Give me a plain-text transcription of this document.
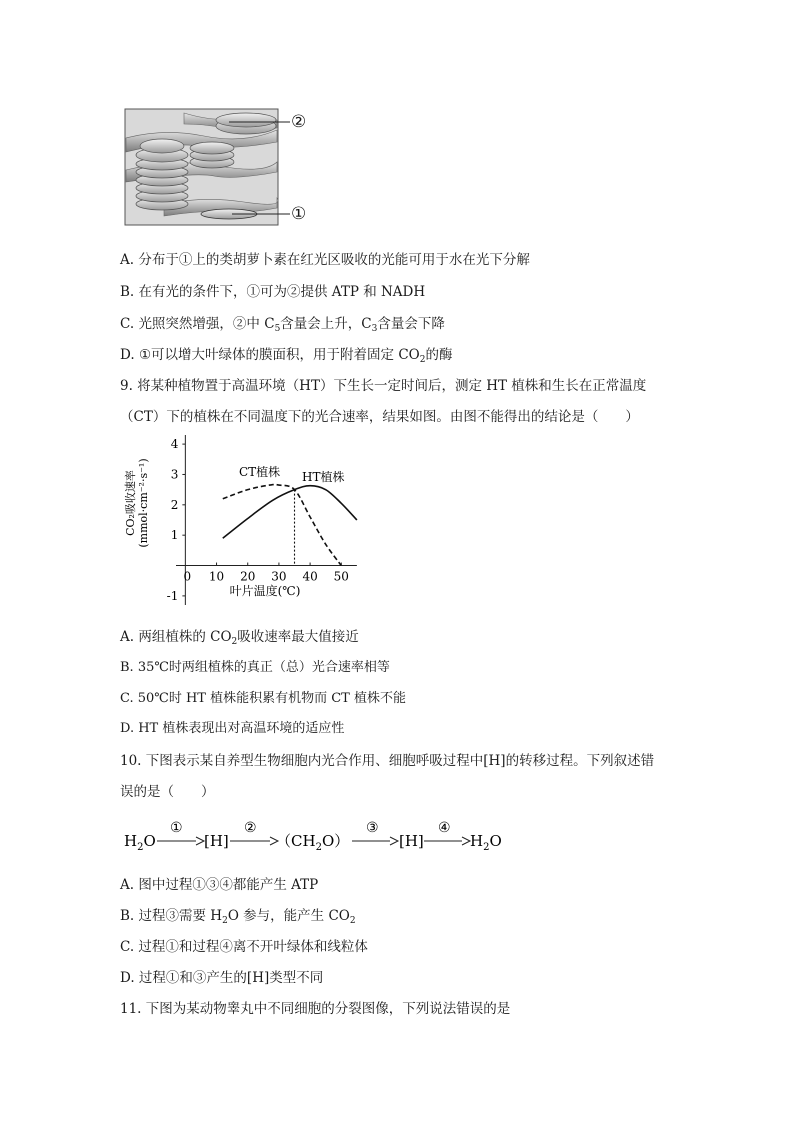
②
①
A. 分布于①上的类胡萝卜素在红光区吸收的光能可用于水在光下分解
B. 在有光的条件下，①可为②提供 ATP 和 NADH
C. 光照突然增强，②中 $C_5$含量会上升，$C_3$含量会下降
D. ①可以增大叶绿体的膜面积，用于附着固定 $CO_2$的酶
9. 将某种植物置于高温环境（HT）下生长一定时间后，测定 HT 植株和生长在正常温度
（CT）下的植株在不同温度下的光合速率，结果如图。由图不能得出的结论是（　　）
0 10 20 30 40 50
4
3
2
1
-1
CO₂吸收速率 (mmol·cm⁻²·s⁻¹)
叶片温度(℃)
CT植株 HT植株
A. 两组植株的 $CO_2$吸收速率最大值接近
B. 35℃时两组植株的真正（总）光合速率相等
C. 50℃时 HT 植株能积累有机物而 CT 植株不能
D. HT 植株表现出对高温环境的适应性
10. 下图表示某自养型生物细胞内光合作用、细胞呼吸过程中[H]的转移过程。下列叙述错
误的是（　　）
$H_2O$
①
[H]
②
$(CH_2O)$
③
[H]
④
$H_2O$
A. 图中过程①③④都能产生 ATP
B. 过程③需要 $H_2O$ 参与，能产生 $CO_2$
C. 过程①和过程④离不开叶绿体和线粒体
D. 过程①和③产生的[H]类型不同
11. 下图为某动物睾丸中不同细胞的分裂图像，下列说法错误的是
